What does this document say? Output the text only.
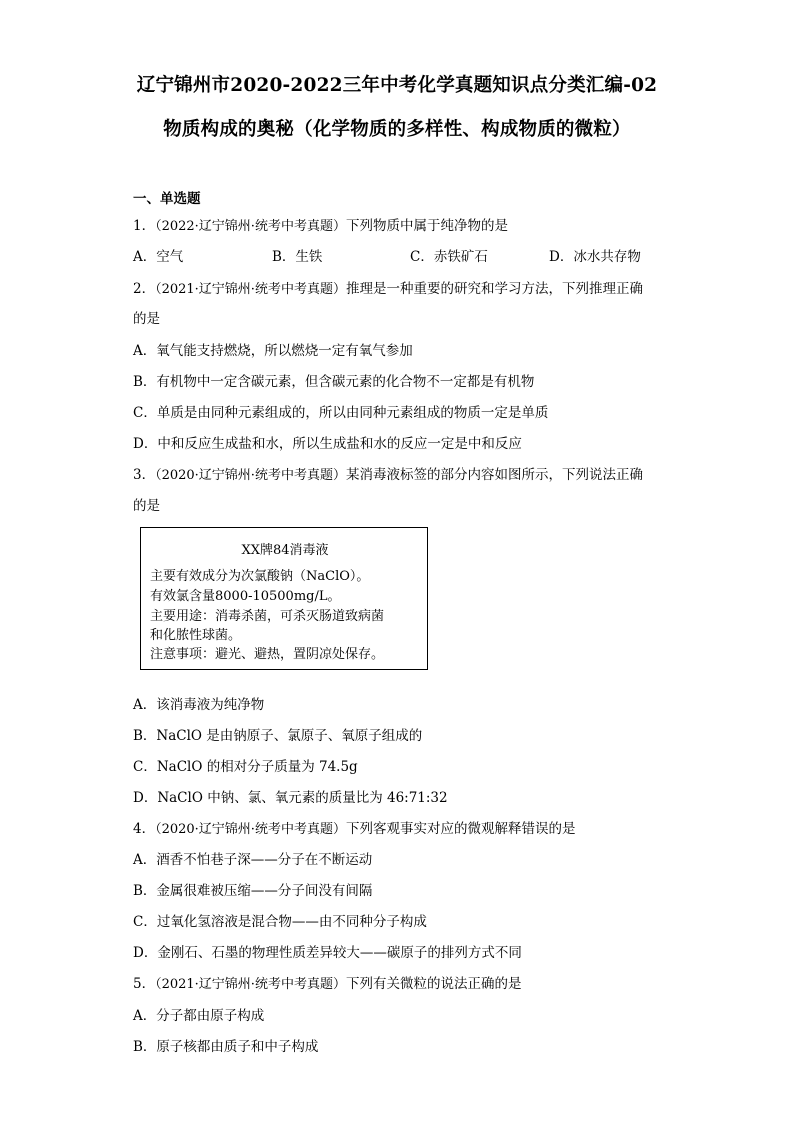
辽宁锦州市2020-2022三年中考化学真题知识点分类汇编-02
物质构成的奥秘（化学物质的多样性、构成物质的微粒）
一、单选题
1．（2022·辽宁锦州·统考中考真题）下列物质中属于纯净物的是
A．空气	B．生铁	C．赤铁矿石	D．冰水共存物
2．（2021·辽宁锦州·统考中考真题）推理是一种重要的研究和学习方法，下列推理正确
的是
A．氧气能支持燃烧，所以燃烧一定有氧气参加
B．有机物中一定含碳元素，但含碳元素的化合物不一定都是有机物
C．单质是由同种元素组成的，所以由同种元素组成的物质一定是单质
D．中和反应生成盐和水，所以生成盐和水的反应一定是中和反应
3．（2020·辽宁锦州·统考中考真题）某消毒液标签的部分内容如图所示，下列说法正确
的是
XX牌84消毒液
主要有效成分为次氯酸钠（NaClO）。
有效氯含量8000-10500mg/L。
主要用途：消毒杀菌，可杀灭肠道致病菌
和化脓性球菌。
注意事项：避光、避热，置阴凉处保存。
A．该消毒液为纯净物
B．NaClO 是由钠原子、氯原子、氧原子组成的
C．NaClO 的相对分子质量为 74.5g
D．NaClO 中钠、氯、氧元素的质量比为 46:71:32
4．（2020·辽宁锦州·统考中考真题）下列客观事实对应的微观解释错误的是
A．酒香不怕巷子深——分子在不断运动
B．金属很难被压缩——分子间没有间隔
C．过氧化氢溶液是混合物——由不同种分子构成
D．金刚石、石墨的物理性质差异较大——碳原子的排列方式不同
5．（2021·辽宁锦州·统考中考真题）下列有关微粒的说法正确的是
A．分子都由原子构成
B．原子核都由质子和中子构成
